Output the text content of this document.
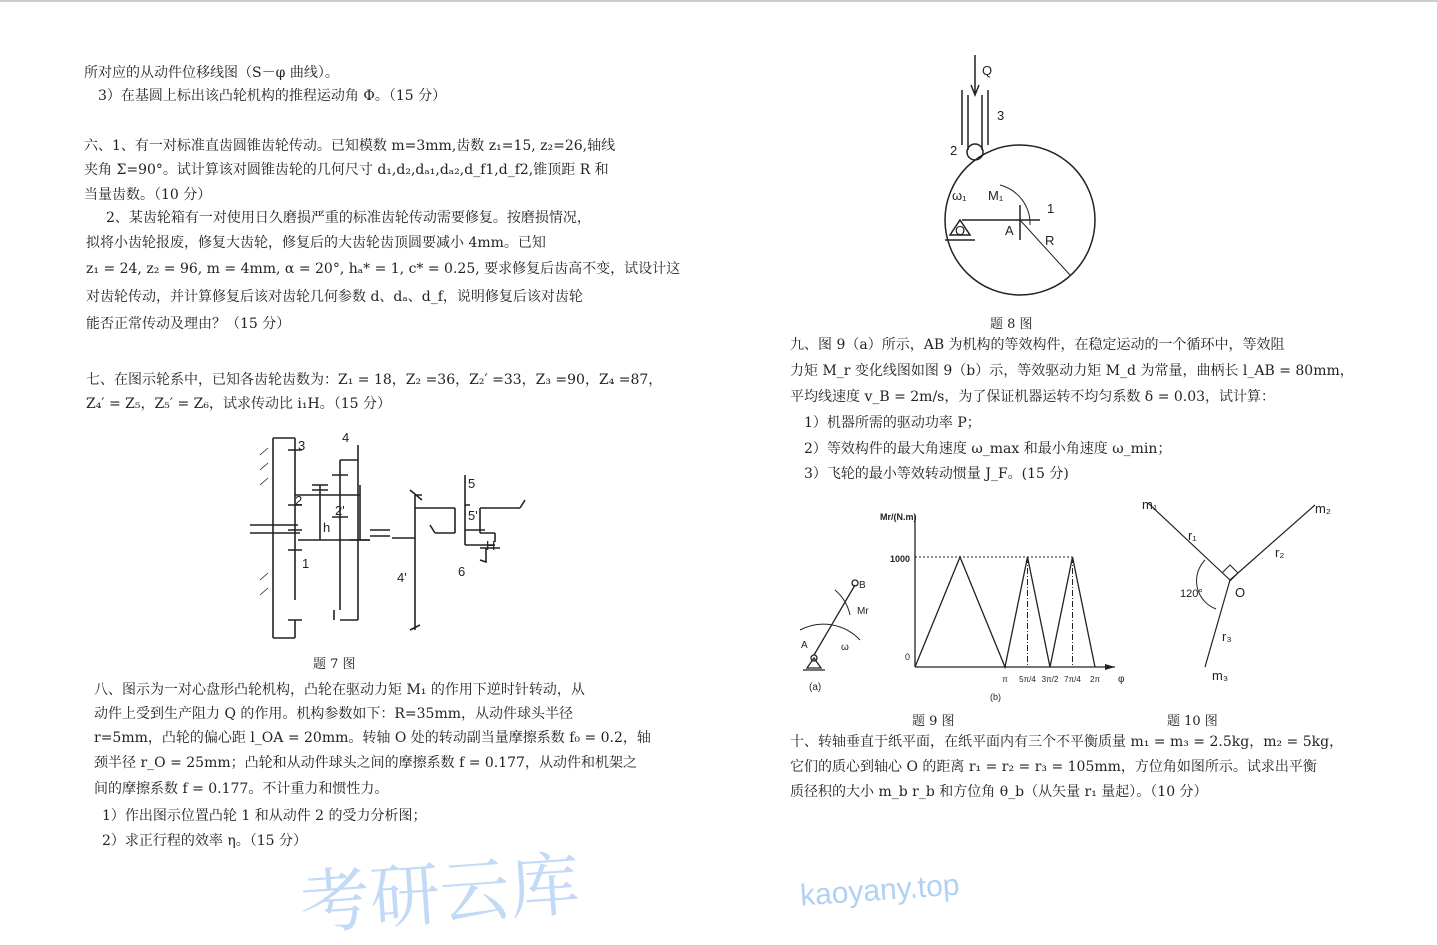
所对应的从动件位移线图（S－φ 曲线）。
3）在基圆上标出该凸轮机构的推程运动角 Φ。（15 分）
六、1、有一对标准直齿圆锥齿轮传动。已知模数 m=3mm,齿数 z₁=15, z₂=26,轴线
夹角 Σ=90°。试计算该对圆锥齿轮的几何尺寸 d₁,d₂,dₐ₁,dₐ₂,d_f1,d_f2,锥顶距 R 和
当量齿数。（10 分）
2、某齿轮箱有一对使用日久磨损严重的标准齿轮传动需要修复。按磨损情况，
拟将小齿轮报废，修复大齿轮，修复后的大齿轮齿顶圆要减小 4mm。已知
z₁ = 24, z₂ = 96, m = 4mm, α = 20°, hₐ* = 1, c* = 0.25, 要求修复后齿高不变，试设计这
对齿轮传动，并计算修复后该对齿轮几何参数 d、dₐ、d_f，说明修复后该对齿轮
能否正常传动及理由？（15 分）
七、在图示轮系中，已知各齿轮齿数为：Z₁ = 18，Z₂ =36，Z₂′ =33，Z₃ =90，Z₄ =87，
Z₄′ = Z₅，Z₅′ = Z₆，试求传动比 i₁H。（15 分）
3
4
2
2'
h
1
5
5'
H
6
4'
题 7 图
八、图示为一对心盘形凸轮机构，凸轮在驱动力矩 M₁ 的作用下逆时针转动，从
动件上受到生产阻力 Q 的作用。机构参数如下：R=35mm，从动件球头半径
r=5mm，凸轮的偏心距 l_OA = 20mm。转轴 O 处的转动副当量摩擦系数 f₀ = 0.2，轴
颈半径 r_O = 25mm；凸轮和从动件球头之间的摩擦系数 f = 0.177，从动件和机架之
间的摩擦系数 f = 0.177。不计重力和惯性力。
1）作出图示位置凸轮 1 和从动件 2 的受力分析图；
2）求正行程的效率 η。（15 分）
Q
3
2
ω₁ M₁
1
O	A
R
题 8 图
九、图 9（a）所示，AB 为机构的等效构件，在稳定运动的一个循环中，等效阻
力矩 M_r 变化线图如图 9（b）示，等效驱动力矩 M_d 为常量，曲柄长 l_AB = 80mm，
平均线速度 v_B = 2m/s，为了保证机器运转不均匀系数 δ = 0.03，试计算：
1）机器所需的驱动功率 P；
2）等效构件的最大角速度 ω_max 和最小角速度 ω_min；
3）飞轮的最小等效转动惯量 J_F。(15 分)
B
Mr
A	ω
(a)
π 5π/4 3π/2 7π/4 2π
Mr/(N.m)
1000
0
φ
(b)
题 9 图
m₁	m₂
r₁
r₂
120° O
r₃
m₃
题 10 图
十、转轴垂直于纸平面，在纸平面内有三个不平衡质量 m₁ = m₃ = 2.5kg，m₂ = 5kg，
它们的质心到轴心 O 的距离 r₁ = r₂ = r₃ = 105mm，方位角如图所示。试求出平衡
质径积的大小 m_b r_b 和方位角 θ_b（从矢量 r₁ 量起）。（10 分）
考研云库	kaoyany.top
